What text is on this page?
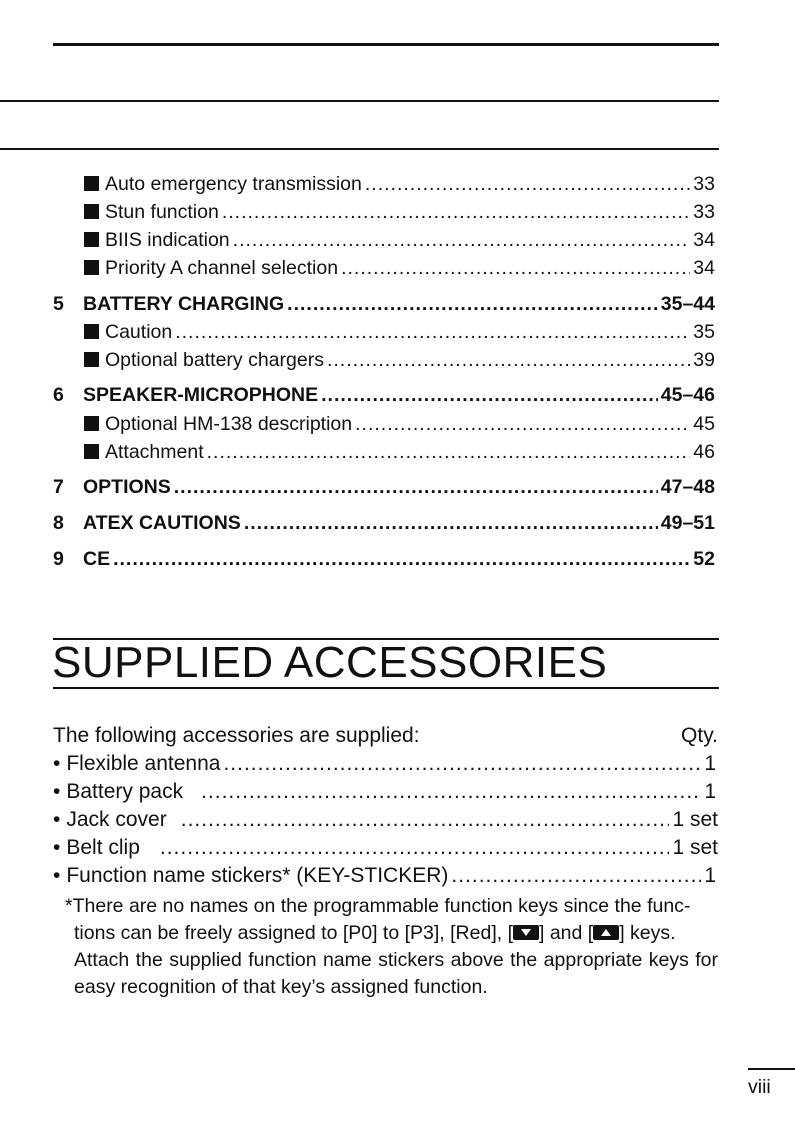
Auto emergency transmission .....	33
Stun function .....	33
BIIS indication .....	34
Priority A channel selection .....	34
5 BATTERY CHARGING .....	35–44
Caution .....	35
Optional battery chargers .....	39
6 SPEAKER-MICROPHONE .....	45–46
Optional HM-138 description .....	45
Attachment .....	46
7 OPTIONS .....	47–48
8 ATEX CAUTIONS .....	49–51
9 CE .....	52
SUPPLIED ACCESSORIES
The following accessories are supplied:	Qty.
• Flexible antenna .....	1
• Battery pack .....	1
• Jack cover .....	1 set
• Belt clip .....	1 set
• Function name stickers* (KEY-STICKER) .....	1

*There are no names on the programmable function keys since the func-

tions can be freely assigned to [P0] to [P3], [Red], [ ] and [ ] keys.

Attach the supplied function name stickers above the appropriate keys for easy recognition of that key’s assigned function.

viii
